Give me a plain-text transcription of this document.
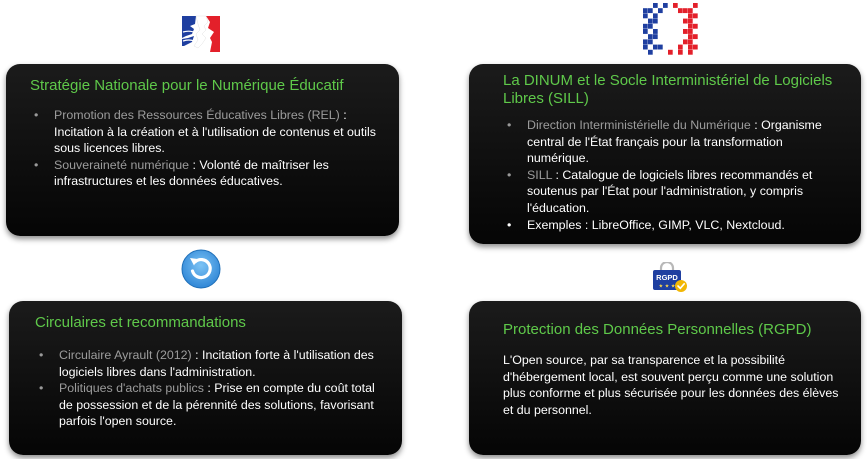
Stratégie Nationale pour le Numérique Éducatif
• Promotion des Ressources Éducatives Libres (REL) : Incitation à la création et à l'utilisation de contenus et outils sous licences libres.
• Souveraineté numérique : Volonté de maîtriser les infrastructures et les données éducatives.
La DINUM et le Socle Interministériel de Logiciels Libres (SILL)
• Direction Interministérielle du Numérique : Organisme central de l'État français pour la transformation numérique.
• SILL : Catalogue de logiciels libres recommandés et soutenus par l'État pour l'administration, y compris l'éducation.
• Exemples : LibreOffice, GIMP, VLC, Nextcloud.
RGPD
★ ★ ★
Circulaires et recommandations
• Circulaire Ayrault (2012) : Incitation forte à l'utilisation des logiciels libres dans l'administration.
• Politiques d'achats publics : Prise en compte du coût total de possession et de la pérennité des solutions, favorisant parfois l'open source.
Protection des Données Personnelles (RGPD)
L'Open source, par sa transparence et la possibilité d'hébergement local, est souvent perçu comme une solution plus conforme et plus sécurisée pour les données des élèves et du personnel.
